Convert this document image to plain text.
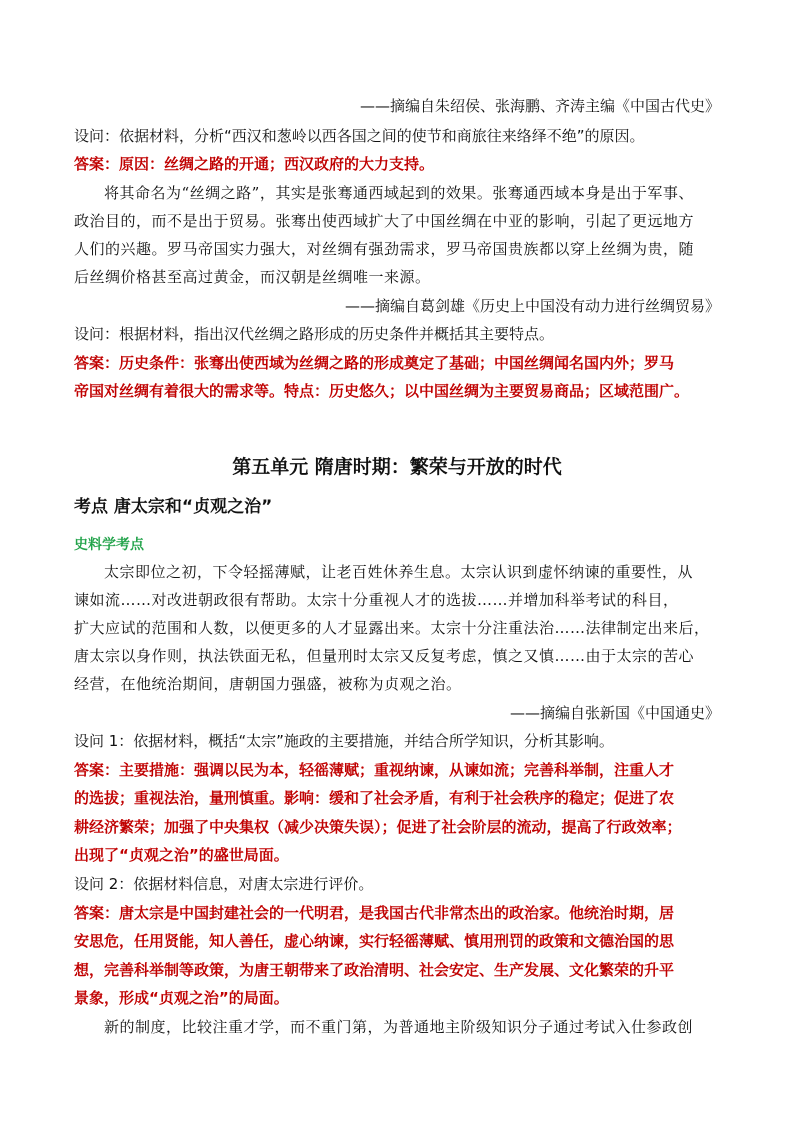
——摘编自朱绍侯、张海鹏、齐涛主编《中国古代史》
设问：依据材料，分析“西汉和葱岭以西各国之间的使节和商旅往来络绎不绝”的原因。
答案：原因：丝绸之路的开通；西汉政府的大力支持。
将其命名为“丝绸之路”，其实是张骞通西域起到的效果。张骞通西域本身是出于军事、
政治目的，而不是出于贸易。张骞出使西域扩大了中国丝绸在中亚的影响，引起了更远地方
人们的兴趣。罗马帝国实力强大，对丝绸有强劲需求，罗马帝国贵族都以穿上丝绸为贵，随
后丝绸价格甚至高过黄金，而汉朝是丝绸唯一来源。
——摘编自葛剑雄《历史上中国没有动力进行丝绸贸易》
设问：根据材料，指出汉代丝绸之路形成的历史条件并概括其主要特点。
答案：历史条件：张骞出使西域为丝绸之路的形成奠定了基础；中国丝绸闻名国内外；罗马
帝国对丝绸有着很大的需求等。特点：历史悠久；以中国丝绸为主要贸易商品；区域范围广。
第五单元 隋唐时期：繁荣与开放的时代
考点 唐太宗和“贞观之治”
史料学考点
太宗即位之初，下令轻摇薄赋，让老百姓休养生息。太宗认识到虚怀纳谏的重要性，从
谏如流……对改进朝政很有帮助。太宗十分重视人才的选拔……并增加科举考试的科目，
扩大应试的范围和人数，以便更多的人才显露出来。太宗十分注重法治……法律制定出来后，
唐太宗以身作则，执法铁面无私，但量刑时太宗又反复考虑，慎之又慎……由于太宗的苦心
经营，在他统治期间，唐朝国力强盛，被称为贞观之治。
——摘编自张新国《中国通史》
设问 1：依据材料，概括“太宗”施政的主要措施，并结合所学知识，分析其影响。
答案：主要措施：强调以民为本，轻徭薄赋；重视纳谏，从谏如流；完善科举制，注重人才
的选拔；重视法治，量刑慎重。影响：缓和了社会矛盾，有利于社会秩序的稳定；促进了农
耕经济繁荣；加强了中央集权（减少决策失误）；促进了社会阶层的流动，提高了行政效率；
出现了“贞观之治”的盛世局面。
设问 2：依据材料信息，对唐太宗进行评价。
答案：唐太宗是中国封建社会的一代明君，是我国古代非常杰出的政治家。他统治时期，居
安思危，任用贤能，知人善任，虚心纳谏，实行轻徭薄赋、慎用刑罚的政策和文德治国的思
想，完善科举制等政策，为唐王朝带来了政治清明、社会安定、生产发展、文化繁荣的升平
景象，形成“贞观之治”的局面。
新的制度，比较注重才学，而不重门第，为普通地主阶级知识分子通过考试入仕参政创
